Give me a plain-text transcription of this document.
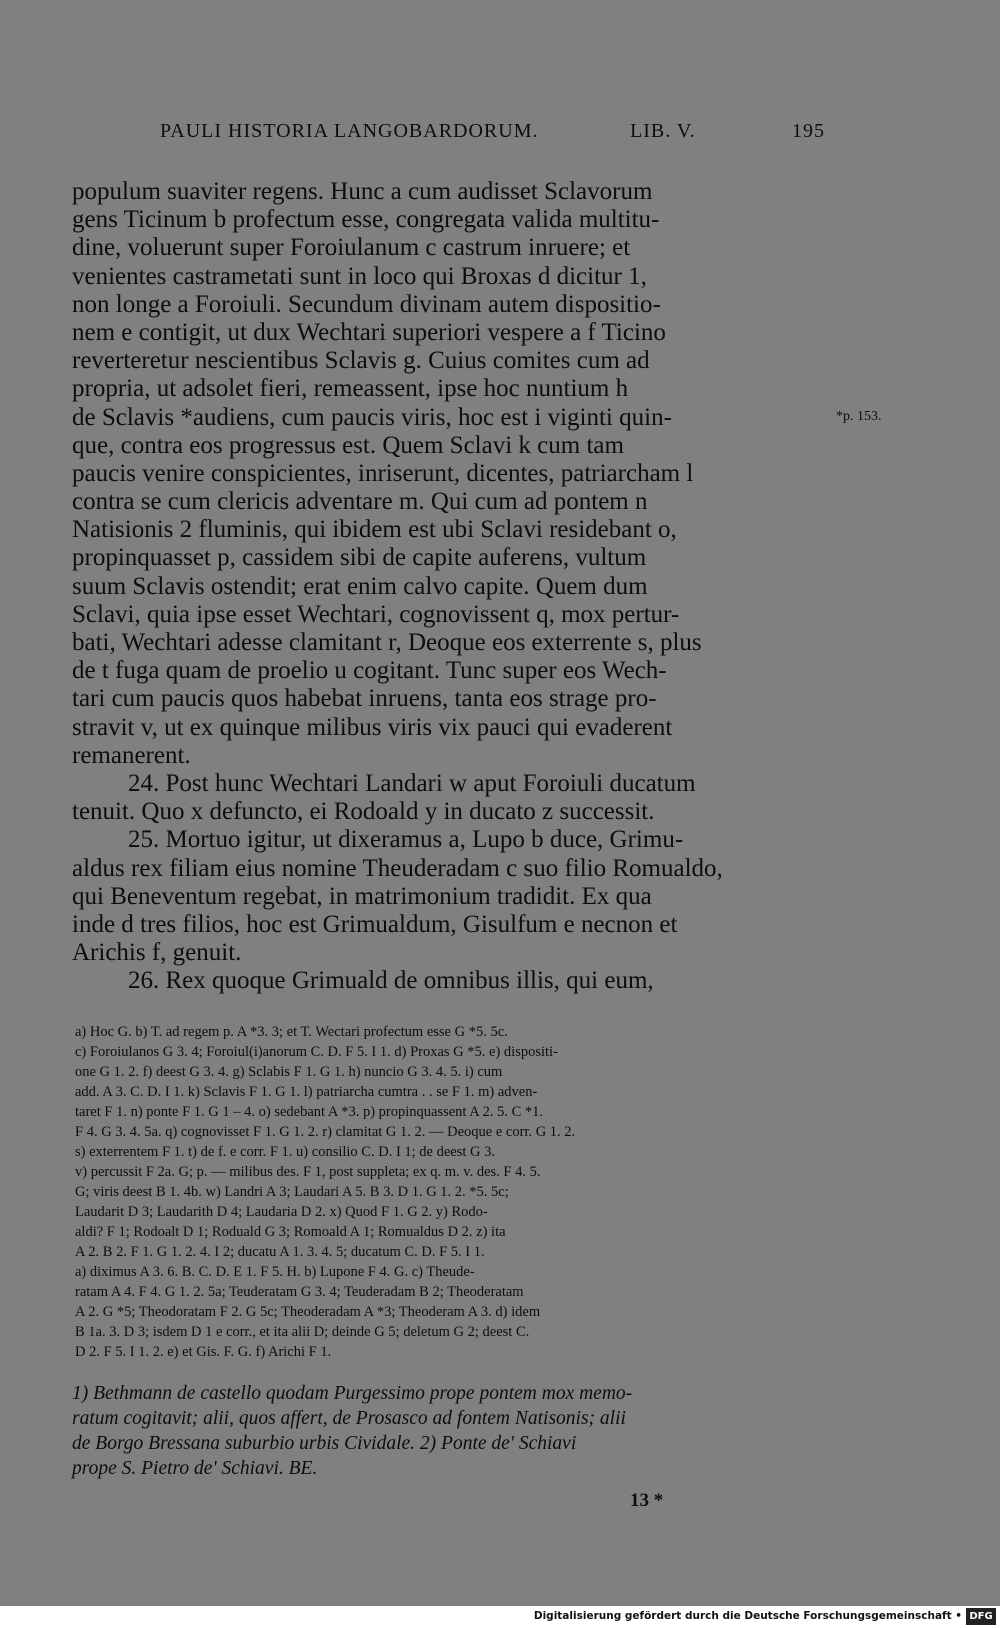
PAULI HISTORIA LANGOBARDORUM.	LIB. V.	195
populum suaviter regens. Hunc a cum audisset Sclavorum
gens Ticinum b profectum esse, congregata valida multitu-
dine, voluerunt super Foroiulanum c castrum inruere; et
venientes castrametati sunt in loco qui Broxas d dicitur 1,
non longe a Foroiuli. Secundum divinam autem dispositio-
nem e contigit, ut dux Wechtari superiori vespere a f Ticino
reverteretur nescientibus Sclavis g. Cuius comites cum ad
propria, ut adsolet fieri, remeassent, ipse hoc nuntium h
de Sclavis *audiens, cum paucis viris, hoc est i viginti quin-
que, contra eos progressus est. Quem Sclavi k cum tam
paucis venire conspicientes, inriserunt, dicentes, patriarcham l
contra se cum clericis adventare m. Qui cum ad pontem n
Natisionis 2 fluminis, qui ibidem est ubi Sclavi residebant o,
propinquasset p, cassidem sibi de capite auferens, vultum
suum Sclavis ostendit; erat enim calvo capite. Quem dum
Sclavi, quia ipse esset Wechtari, cognovissent q, mox pertur-
bati, Wechtari adesse clamitant r, Deoque eos exterrente s, plus
de t fuga quam de proelio u cogitant. Tunc super eos Wech-
tari cum paucis quos habebat inruens, tanta eos strage pro-
stravit v, ut ex quinque milibus viris vix pauci qui evaderent
remanerent.
24. Post hunc Wechtari Landari w aput Foroiuli ducatum
tenuit. Quo x defuncto, ei Rodoald y in ducato z successit.
25. Mortuo igitur, ut dixeramus a, Lupo b duce, Grimu-
aldus rex filiam eius nomine Theuderadam c suo filio Romualdo,
qui Beneventum regebat, in matrimonium tradidit. Ex qua
inde d tres filios, hoc est Grimualdum, Gisulfum e necnon et
Arichis f, genuit.
26. Rex quoque Grimuald de omnibus illis, qui eum,
*p. 153.
a) Hoc G. b) T. ad regem p. A *3. 3; et T. Wectari profectum esse G *5. 5c.
c) Foroiulanos G 3. 4; Foroiul(i)anorum C. D. F 5. I 1. d) Proxas G *5. e) dispositi-
one G 1. 2. f) deest G 3. 4. g) Sclabis F 1. G 1. h) nuncio G 3. 4. 5. i) cum
add. A 3. C. D. I 1. k) Sclavis F 1. G 1. l) patriarcha cumtra . . se F 1. m) adven-
taret F 1. n) ponte F 1. G 1 – 4. o) sedebant A *3. p) propinquassent A 2. 5. C *1.
F 4. G 3. 4. 5a. q) cognovisset F 1. G 1. 2. r) clamitat G 1. 2. — Deoque e corr. G 1. 2.
s) exterrentem F 1. t) de f. e corr. F 1. u) consilio C. D. I 1; de deest G 3.
v) percussit F 2a. G; p. — milibus des. F 1, post suppleta; ex q. m. v. des. F 4. 5.
G; viris deest B 1. 4b. w) Landri A 3; Laudari A 5. B 3. D 1. G 1. 2. *5. 5c;
Laudarit D 3; Laudarith D 4; Laudaria D 2. x) Quod F 1. G 2. y) Rodo-
aldi? F 1; Rodoalt D 1; Roduald G 3; Romoald A 1; Romualdus D 2. z) ita
A 2. B 2. F 1. G 1. 2. 4. I 2; ducatu A 1. 3. 4. 5; ducatum C. D. F 5. I 1.
a) diximus A 3. 6. B. C. D. E 1. F 5. H. b) Lupone F 4. G. c) Theude-
ratam A 4. F 4. G 1. 2. 5a; Teuderatam G 3. 4; Teuderadam B 2; Theoderatam
A 2. G *5; Theodoratam F 2. G 5c; Theoderadam A *3; Theoderam A 3. d) idem
B 1a. 3. D 3; isdem D 1 e corr., et ita alii D; deinde G 5; deletum G 2; deest C.
D 2. F 5. I 1. 2. e) et Gis. F. G. f) Arichi F 1.
1) Bethmann de castello quodam Purgessimo prope pontem mox memo-
ratum cogitavit; alii, quos affert, de Prosasco ad fontem Natisonis; alii
de Borgo Bressana suburbio urbis Cividale. 2) Ponte de' Schiavi
prope S. Pietro de' Schiavi. BE.
13 *
Digitalisierung gefördert durch die Deutsche Forschungsgemeinschaft • DFG
